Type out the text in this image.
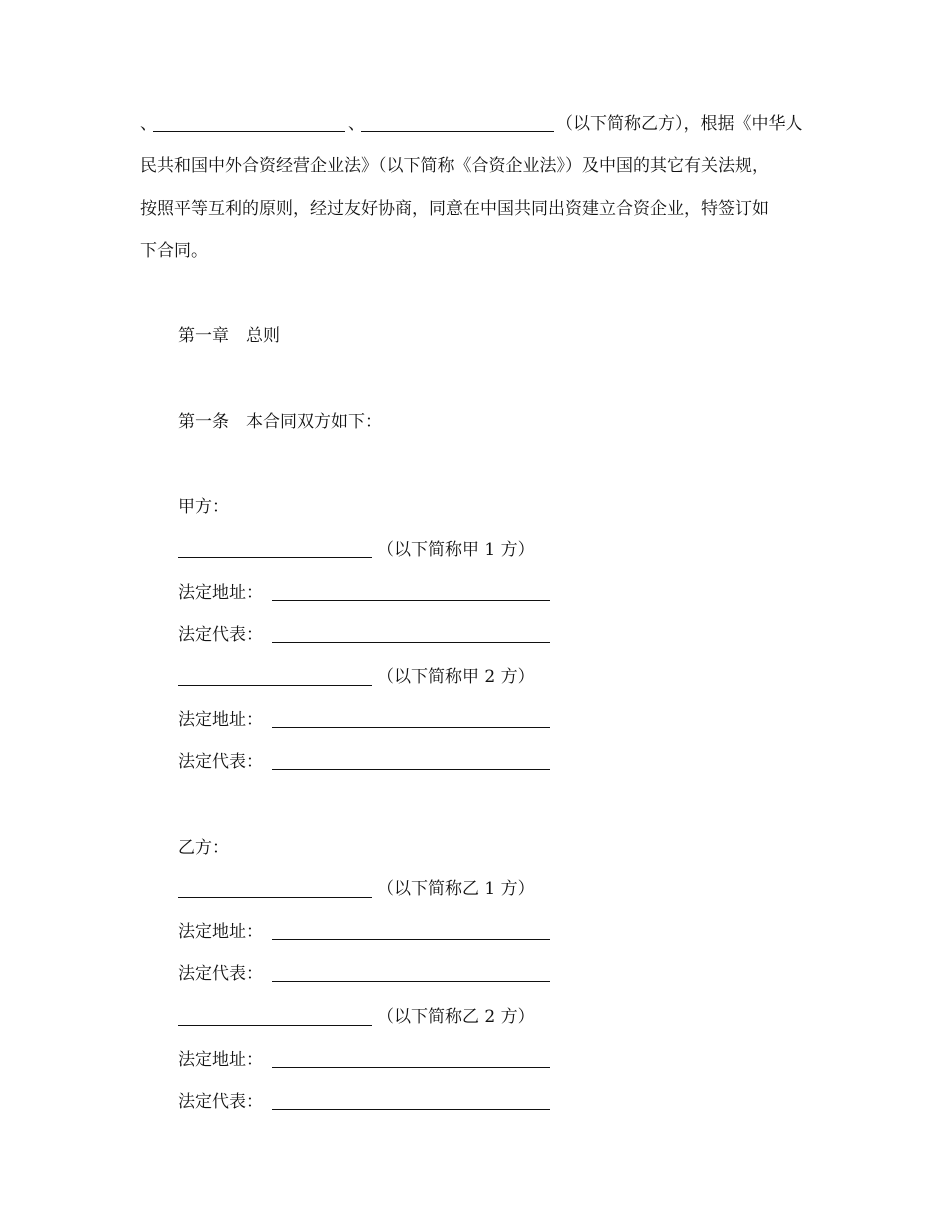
、	、	（以下简称乙方），根据《中华人
民共和国中外合资经营企业法》（以下简称《合资企业法》）及中国的其它有关法规，
按照平等互利的原则，经过友好协商，同意在中国共同出资建立合资企业，特签订如
下合同。
第一章　总则
第一条　本合同双方如下：
甲方：
（以下简称甲 1 方）
法定地址：
法定代表：
（以下简称甲 2 方）
法定地址：
法定代表：
乙方：
（以下简称乙 1 方）
法定地址：
法定代表：
（以下简称乙 2 方）
法定地址：
法定代表：
